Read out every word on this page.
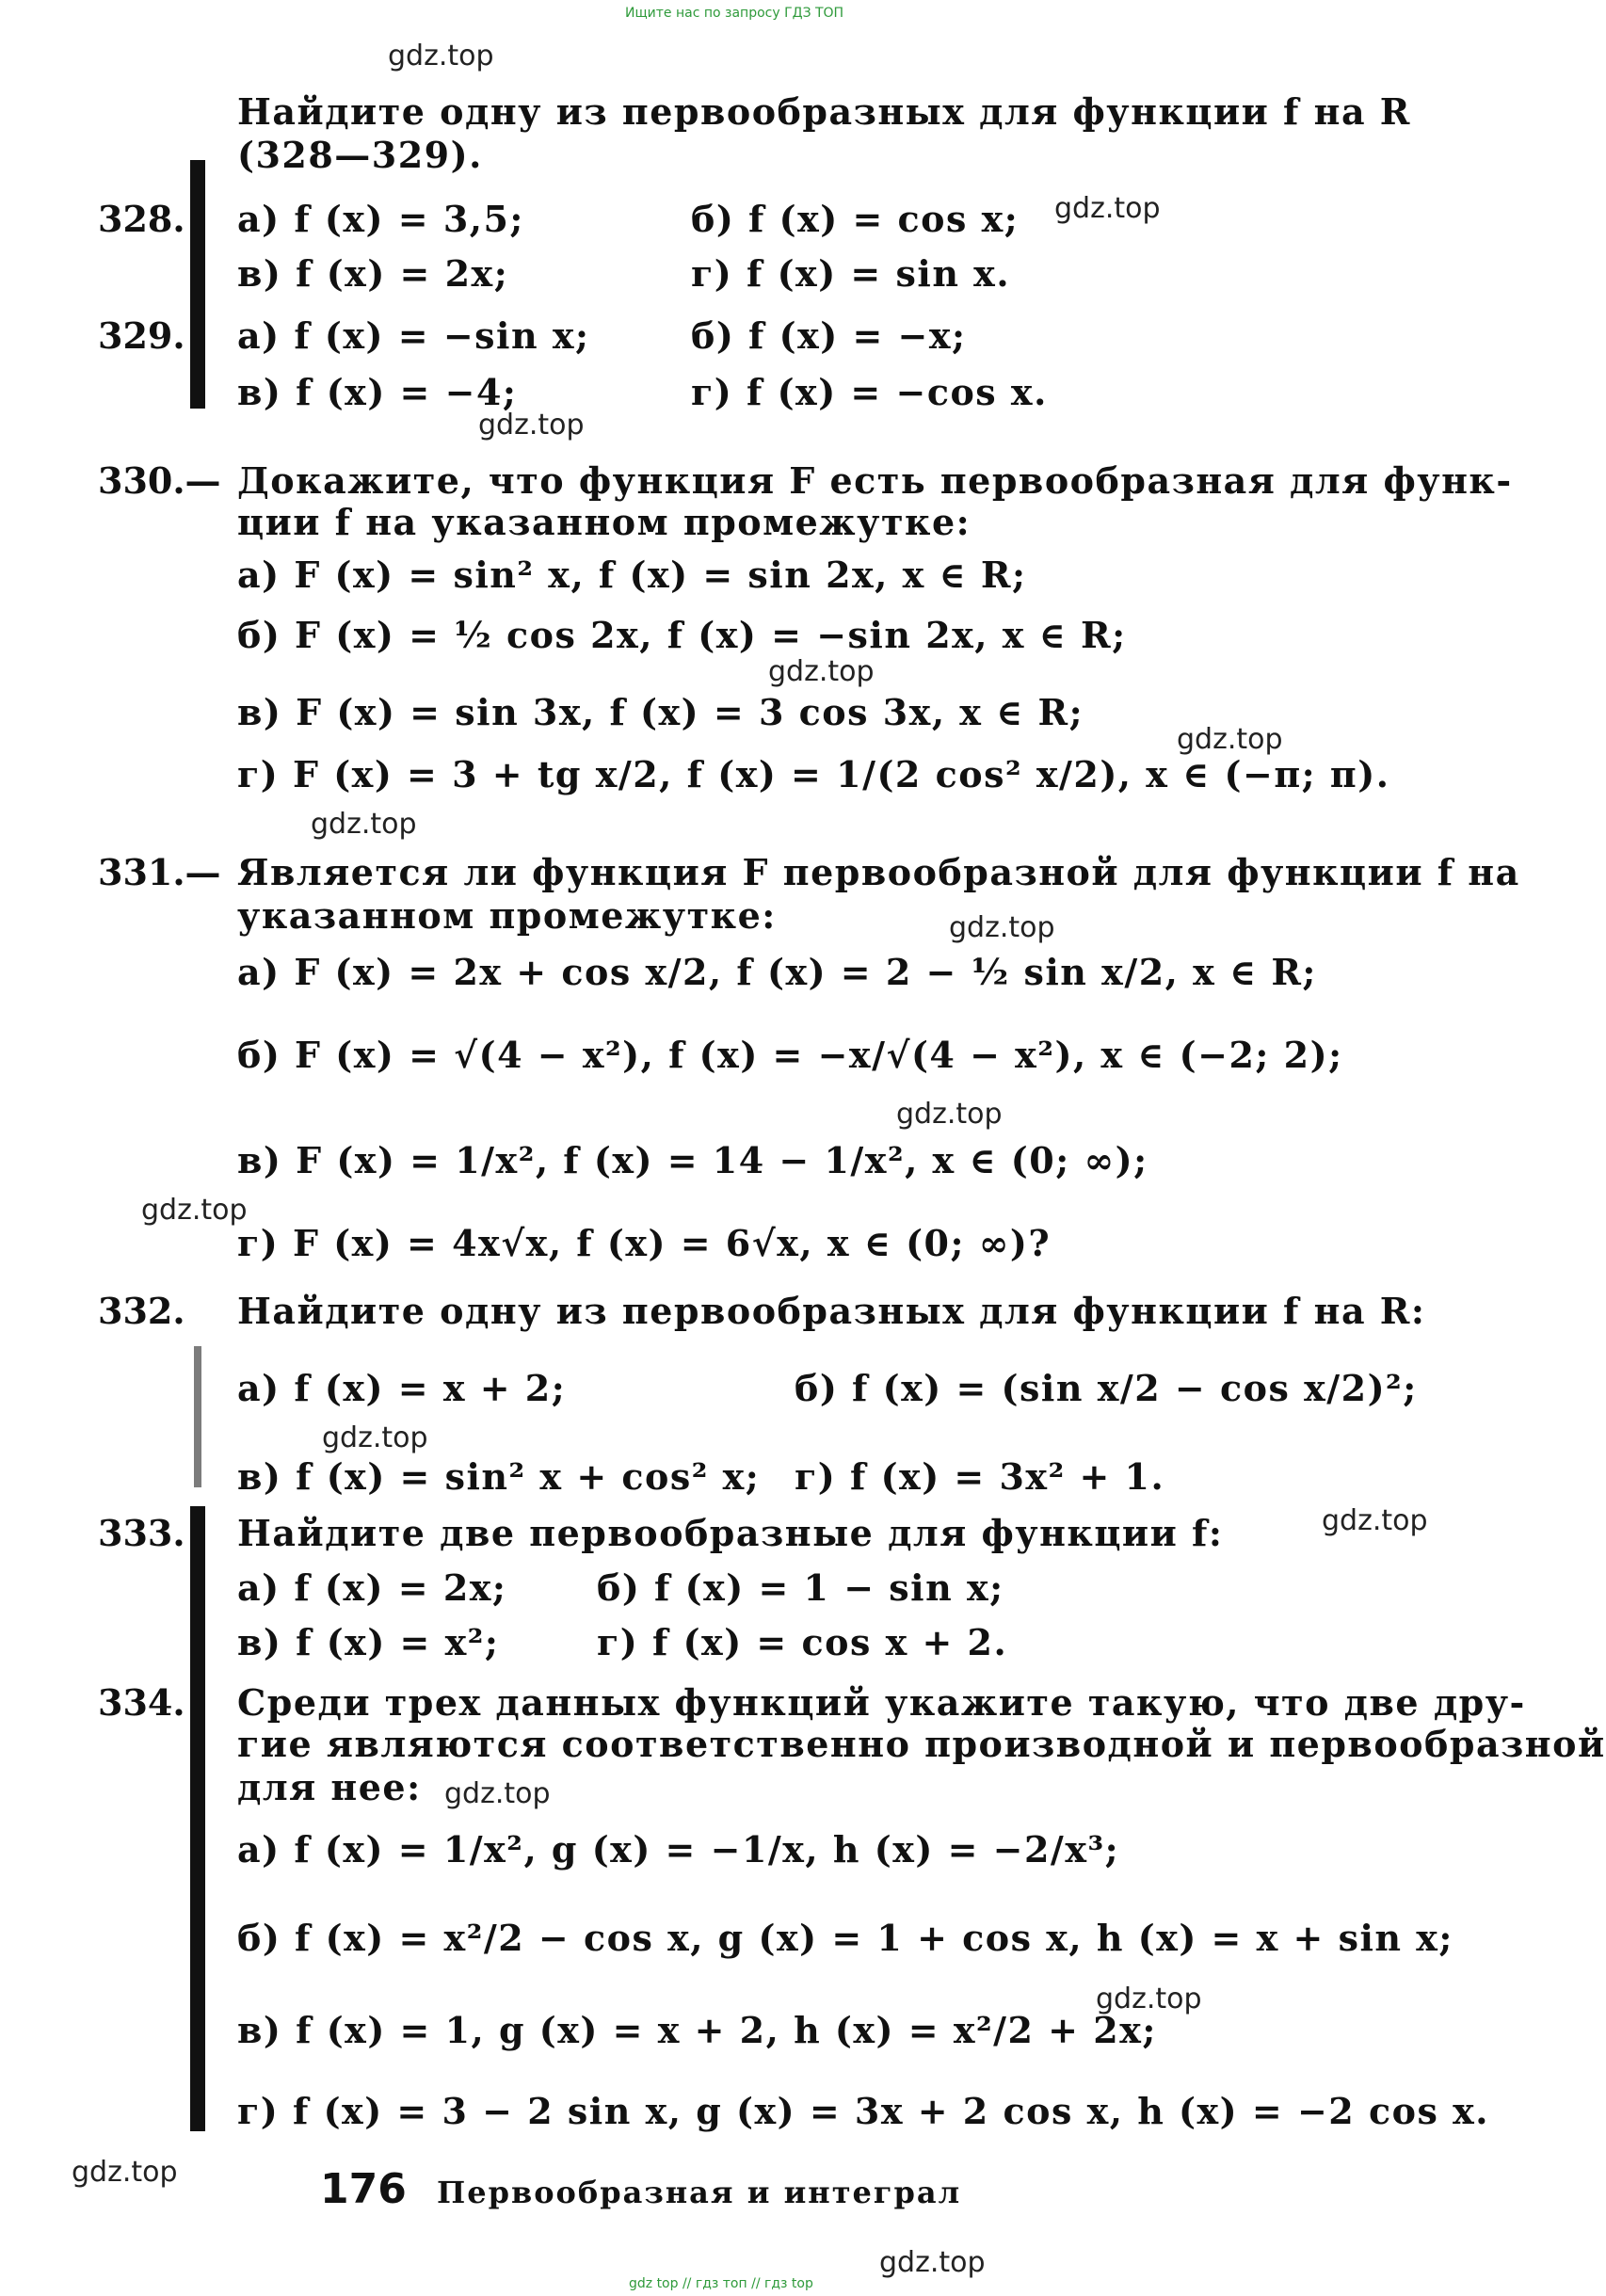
Ищите нас по запросу ГДЗ ТОП
gdz.top
gdz.top
gdz.top
gdz.top
gdz.top
gdz.top
gdz.top
gdz.top
gdz.top
gdz.top
gdz.top
gdz.top
gdz.top
gdz.top
gdz.top
Найдите одну из первообразных для функции f на R
(328—329).
328. а) f (x) = 3,5;	б) f (x) = cos x;
в) f (x) = 2x;	г) f (x) = sin x.
329. а) f (x) = −sin x;	б) f (x) = −x;
в) f (x) = −4;	г) f (x) = −cos x.
330.— Докажите, что функция F есть первообразная для функ-
ции f на указанном промежутке:
а) F (x) = sin² x, f (x) = sin 2x, x ∈ R;
б) F (x) = ½ cos 2x, f (x) = −sin 2x, x ∈ R;
в) F (x) = sin 3x, f (x) = 3 cos 3x, x ∈ R;
г) F (x) = 3 + tg x/2, f (x) = 1/(2 cos² x/2), x ∈ (−π; π).
331.— Является ли функция F первообразной для функции f на
указанном промежутке:
а) F (x) = 2x + cos x/2, f (x) = 2 − ½ sin x/2, x ∈ R;
б) F (x) = √(4 − x²), f (x) = −x/√(4 − x²), x ∈ (−2; 2);
в) F (x) = 1/x², f (x) = 14 − 1/x², x ∈ (0; ∞);
г) F (x) = 4x√x, f (x) = 6√x, x ∈ (0; ∞)?
332. Найдите одну из первообразных для функции f на R:
а) f (x) = x + 2;	б) f (x) = (sin x/2 − cos x/2)²;
в) f (x) = sin² x + cos² x; г) f (x) = 3x² + 1.
333. Найдите две первообразные для функции f:
а) f (x) = 2x;	б) f (x) = 1 − sin x;
в) f (x) = x²;	г) f (x) = cos x + 2.
334. Среди трех данных функций укажите такую, что две дру-
гие являются соответственно производной и первообразной
для нее:
а) f (x) = 1/x², g (x) = −1/x, h (x) = −2/x³;
б) f (x) = x²/2 − cos x, g (x) = 1 + cos x, h (x) = x + sin x;
в) f (x) = 1, g (x) = x + 2, h (x) = x²/2 + 2x;
г) f (x) = 3 − 2 sin x, g (x) = 3x + 2 cos x, h (x) = −2 cos x.
176 Первообразная и интеграл
gdz top // гдз топ // гдз top
